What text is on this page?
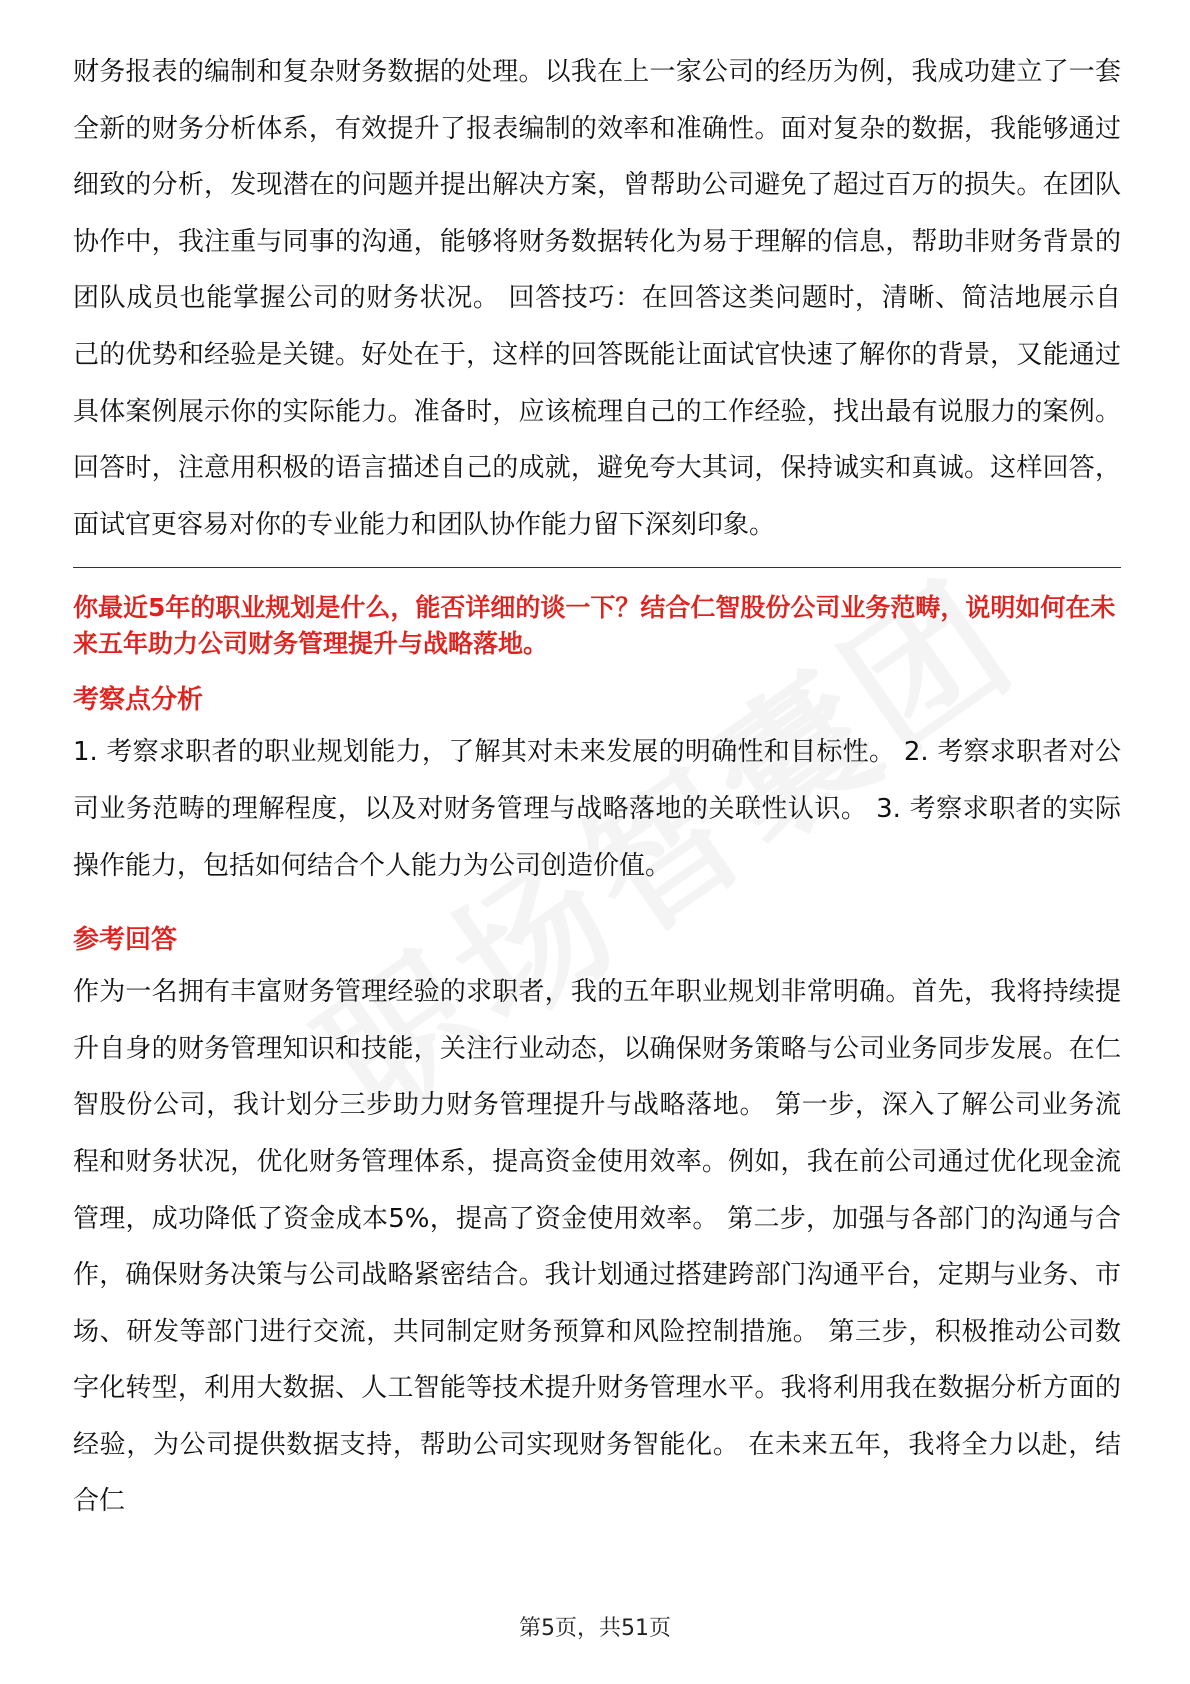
财务报表的编制和复杂财务数据的处理。以我在上一家公司的经历为例，我成功建立了一套全新的财务分析体系，有效提升了报表编制的效率和准确性。面对复杂的数据，我能够通过细致的分析，发现潜在的问题并提出解决方案，曾帮助公司避免了超过百万的损失。在团队协作中，我注重与同事的沟通，能够将财务数据转化为易于理解的信息，帮助非财务背景的团队成员也能掌握公司的财务状况。 回答技巧：在回答这类问题时，清晰、简洁地展示自己的优势和经验是关键。好处在于，这样的回答既能让面试官快速了解你的背景，又能通过具体案例展示你的实际能力。准备时，应该梳理自己的工作经验，找出最有说服力的案例。回答时，注意用积极的语言描述自己的成就，避免夸大其词，保持诚实和真诚。这样回答，面试官更容易对你的专业能力和团队协作能力留下深刻印象。

你最近5年的职业规划是什么，能否详细的谈一下？结合仁智股份公司业务范畴，说明如何在未来五年助力公司财务管理提升与战略落地。
考察点分析

1. 考察求职者的职业规划能力，了解其对未来发展的明确性和目标性。 2. 考察求职者对公司业务范畴的理解程度，以及对财务管理与战略落地的关联性认识。 3. 考察求职者的实际操作能力，包括如何结合个人能力为公司创造价值。

参考回答

作为一名拥有丰富财务管理经验的求职者，我的五年职业规划非常明确。首先，我将持续提升自身的财务管理知识和技能，关注行业动态，以确保财务策略与公司业务同步发展。在仁智股份公司，我计划分三步助力财务管理提升与战略落地。 第一步，深入了解公司业务流程和财务状况，优化财务管理体系，提高资金使用效率。例如，我在前公司通过优化现金流管理，成功降低了资金成本5%，提高了资金使用效率。 第二步，加强与各部门的沟通与合作，确保财务决策与公司战略紧密结合。我计划通过搭建跨部门沟通平台，定期与业务、市场、研发等部门进行交流，共同制定财务预算和风险控制措施。 第三步，积极推动公司数字化转型，利用大数据、人工智能等技术提升财务管理水平。我将利用我在数据分析方面的经验，为公司提供数据支持，帮助公司实现财务智能化。 在未来五年，我将全力以赴，结合仁

第5页，共51页
